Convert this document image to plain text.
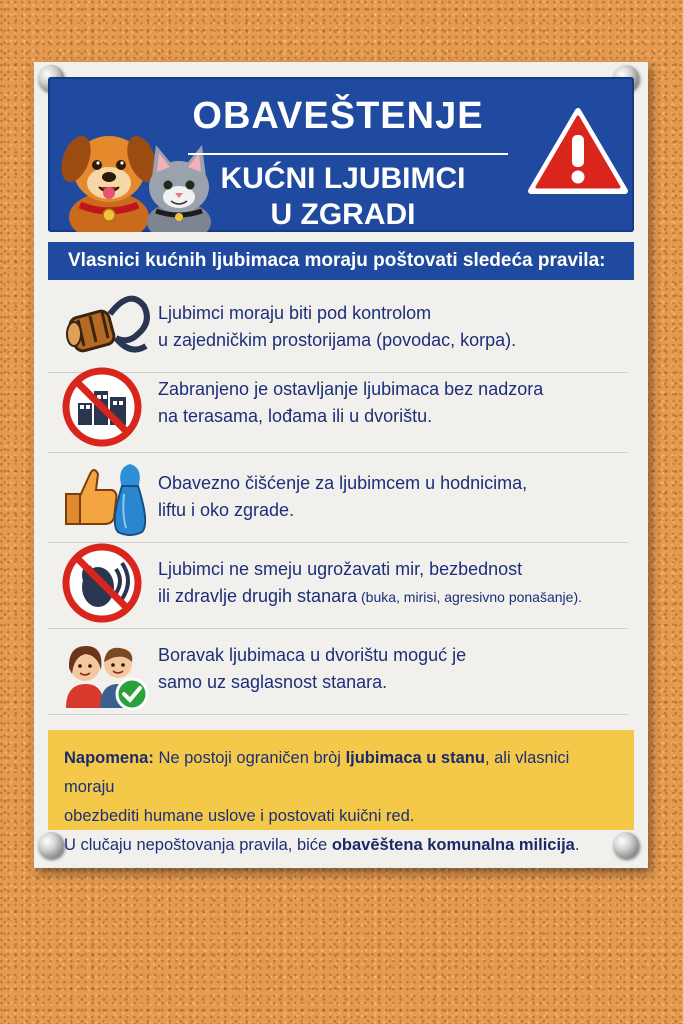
OBAVEŠTENJE
KUĆNI LJUBIMCI
U ZGRADI
Vlasnici kućnih ljubimaca moraju poštovati sledeća pravila:
Ljubimci moraju biti pod kontrolom
u zajedničkim prostorijama (povodac, korpa).
Zabranjeno je ostavljanje ljubimaca bez nadzora
na terasama, lođama ili u dvorištu.
Obavezno čišćenje za ljubimcem u hodnicima,
liftu i oko zgrade.
Ljubimci ne smeju ugrožavati mir, bezbednost
ili zdravlje drugih stanara (buka, mirisi, agresivno ponašanje).
Boravak ljubimaca u dvorištu moguć je
samo uz saglasnost stanara.
Napomena: Ne postoji ograničen bròj ljubimaca u stanu, ali vlasnici moraju
obezbediti humane uslove i postovati kuični red.
U clučaju nepoštovanja pravila, biće obavēštena komunalna milicija.
